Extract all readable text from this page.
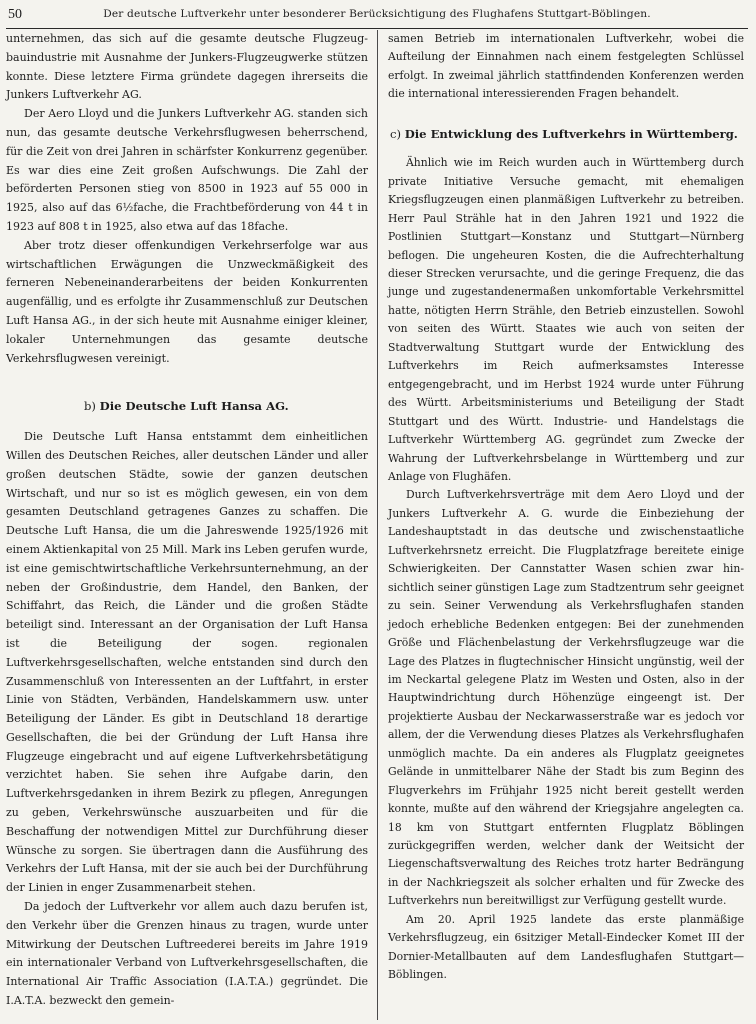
50	Der deutsche Luftverkehr unter besonderer Berücksichtigung des Flughafens Stuttgart-Böblingen.

unternehmen, das sich auf die gesamte deutsche Flugzeugbauindustrie mit Ausnahme der Junkers-Flugzeugwerke stützen konnte. Diese letztere Firma gründete dagegen ihrerseits die Junkers Luftverkehr AG.

Der Aero Lloyd und die Junkers Luftverkehr AG. standen sich nun, das gesamte deutsche Verkehrsflugwesen beherrschend, für die Zeit von drei Jahren in schärfster Konkurrenz gegenüber. Es war dies eine Zeit großen Aufschwungs. Die Zahl der beförderten Personen stieg von 8500 in 1923 auf 55 000 in 1925, also auf das 6½fache, die Frachtbeförderung von 44 t in 1923 auf 808 t in 1925, also etwa auf das 18fache.

Aber trotz dieser offenkundigen Verkehrserfolge war aus wirtschaftlichen Erwägungen die Unzweckmäßigkeit des ferneren Nebeneinanderarbeitens der beiden Konkurrenten augenfällig, und es erfolgte ihr Zusammenschluß zur Deutschen Luft Hansa AG., in der sich heute mit Ausnahme einiger kleiner, lokaler Unternehmungen das gesamte deutsche Verkehrsflugwesen vereinigt.

b) Die Deutsche Luft Hansa AG.

Die Deutsche Luft Hansa entstammt dem einheitlichen Willen des Deutschen Reiches, aller deutschen Länder und aller großen deutschen Städte, sowie der ganzen deutschen Wirtschaft, und nur so ist es möglich gewesen, ein von dem gesamten Deutschland getragenes Ganzes zu schaffen. Die Deutsche Luft Hansa, die um die Jahreswende 1925/1926 mit einem Aktienkapital von 25 Mill. Mark ins Leben gerufen wurde, ist eine gemischtwirtschaftliche Verkehrsunternehmung, an der neben der Großindustrie, dem Handel, den Banken, der Schiffahrt, das Reich, die Länder und die großen Städte beteiligt sind. Interessant an der Organisation der Luft Hansa ist die Beteiligung der sogen. regionalen Luftverkehrsgesellschaften, welche entstanden sind durch den Zusammenschluß von Interessenten an der Luftfahrt, in erster Linie von Städten, Verbänden, Handelskammern usw. unter Beteiligung der Länder. Es gibt in Deutschland 18 derartige Gesellschaften, die bei der Gründung der Luft Hansa ihre Flugzeuge eingebracht und auf eigene Luftverkehrsbetätigung verzichtet haben. Sie sehen ihre Aufgabe darin, den Luftverkehrsgedanken in ihrem Bezirk zu pflegen, Anregungen zu geben, Verkehrswünsche auszuarbeiten und für die Beschaffung der notwendigen Mittel zur Durchführung dieser Wünsche zu sorgen. Sie übertragen dann die Ausführung des Verkehrs der Luft Hansa, mit der sie auch bei der Durchführung der Linien in enger Zusammenarbeit stehen.

Da jedoch der Luftverkehr vor allem auch dazu berufen ist, den Verkehr über die Grenzen hinaus zu tragen, wurde unter Mitwirkung der Deutschen Luftreederei bereits im Jahre 1919 ein internationaler Verband von Luftverkehrsgesellschaften, die International Air Traffic Association (I.A.T.A.) gegründet. Die I.A.T.A. bezweckt den gemein-

samen Betrieb im internationalen Luftverkehr, wobei die Aufteilung der Einnahmen nach einem festgelegten Schlüssel erfolgt. In zweimal jährlich stattfindenden Konferenzen werden die international interessierenden Fragen behandelt.

c) Die Entwicklung des Luftverkehrs in Württemberg.

Ähnlich wie im Reich wurden auch in Württemberg durch private Initiative Versuche gemacht, mit ehemaligen Kriegsflugzeugen einen planmäßigen Luftverkehr zu betreiben. Herr Paul Strähle hat in den Jahren 1921 und 1922 die Postlinien Stuttgart—Konstanz und Stuttgart—Nürnberg beflogen. Die ungeheuren Kosten, die die Aufrechterhaltung dieser Strecken verursachte, und die geringe Frequenz, die das junge und zugestandenermaßen unkomfortable Verkehrsmittel hatte, nötigten Herrn Strähle, den Betrieb einzustellen. Sowohl von seiten des Württ. Staates wie auch von seiten der Stadtverwaltung Stuttgart wurde der Entwicklung des Luftverkehrs im Reich aufmerksamstes Interesse entgegengebracht, und im Herbst 1924 wurde unter Führung des Württ. Arbeitsministeriums und Beteiligung der Stadt Stuttgart und des Württ. Industrie- und Handelstags die Luftverkehr Württemberg AG. gegründet zum Zwecke der Wahrung der Luftverkehrsbelange in Württemberg und zur Anlage von Flughäfen.

Durch Luftverkehrsverträge mit dem Aero Lloyd und der Junkers Luftverkehr A. G. wurde die Einbeziehung der Landeshauptstadt in das deutsche und zwischenstaatliche Luftverkehrsnetz erreicht. Die Flugplatzfrage bereitete einige Schwierigkeiten. Der Cannstatter Wasen schien zwar hinsichtlich seiner günstigen Lage zum Stadtzentrum sehr geeignet zu sein. Seiner Verwendung als Verkehrsflughafen standen jedoch erhebliche Bedenken entgegen: Bei der zunehmenden Größe und Flächenbelastung der Verkehrsflugzeuge war die Lage des Platzes in flugtechnischer Hinsicht ungünstig, weil der im Neckartal gelegene Platz im Westen und Osten, also in der Hauptwindrichtung durch Höhenzüge eingeengt ist. Der projektierte Ausbau der Neckarwasserstraße war es jedoch vor allem, der die Verwendung dieses Platzes als Verkehrsflughafen unmöglich machte. Da ein anderes als Flugplatz geeignetes Gelände in unmittelbarer Nähe der Stadt bis zum Beginn des Flugverkehrs im Frühjahr 1925 nicht bereit gestellt werden konnte, mußte auf den während der Kriegsjahre angelegten ca. 18 km von Stuttgart entfernten Flugplatz Böblingen zurückgegriffen werden, welcher dank der Weitsicht der Liegenschaftsverwaltung des Reiches trotz harter Bedrängung in der Nachkriegszeit als solcher erhalten und für Zwecke des Luftverkehrs nun bereitwilligst zur Verfügung gestellt wurde.

Am 20. April 1925 landete das erste planmäßige Verkehrsflugzeug, ein 6sitziger Metall-Eindecker Komet III der Dornier-Metallbauten auf dem Landesflughafen Stuttgart—Böblingen.
